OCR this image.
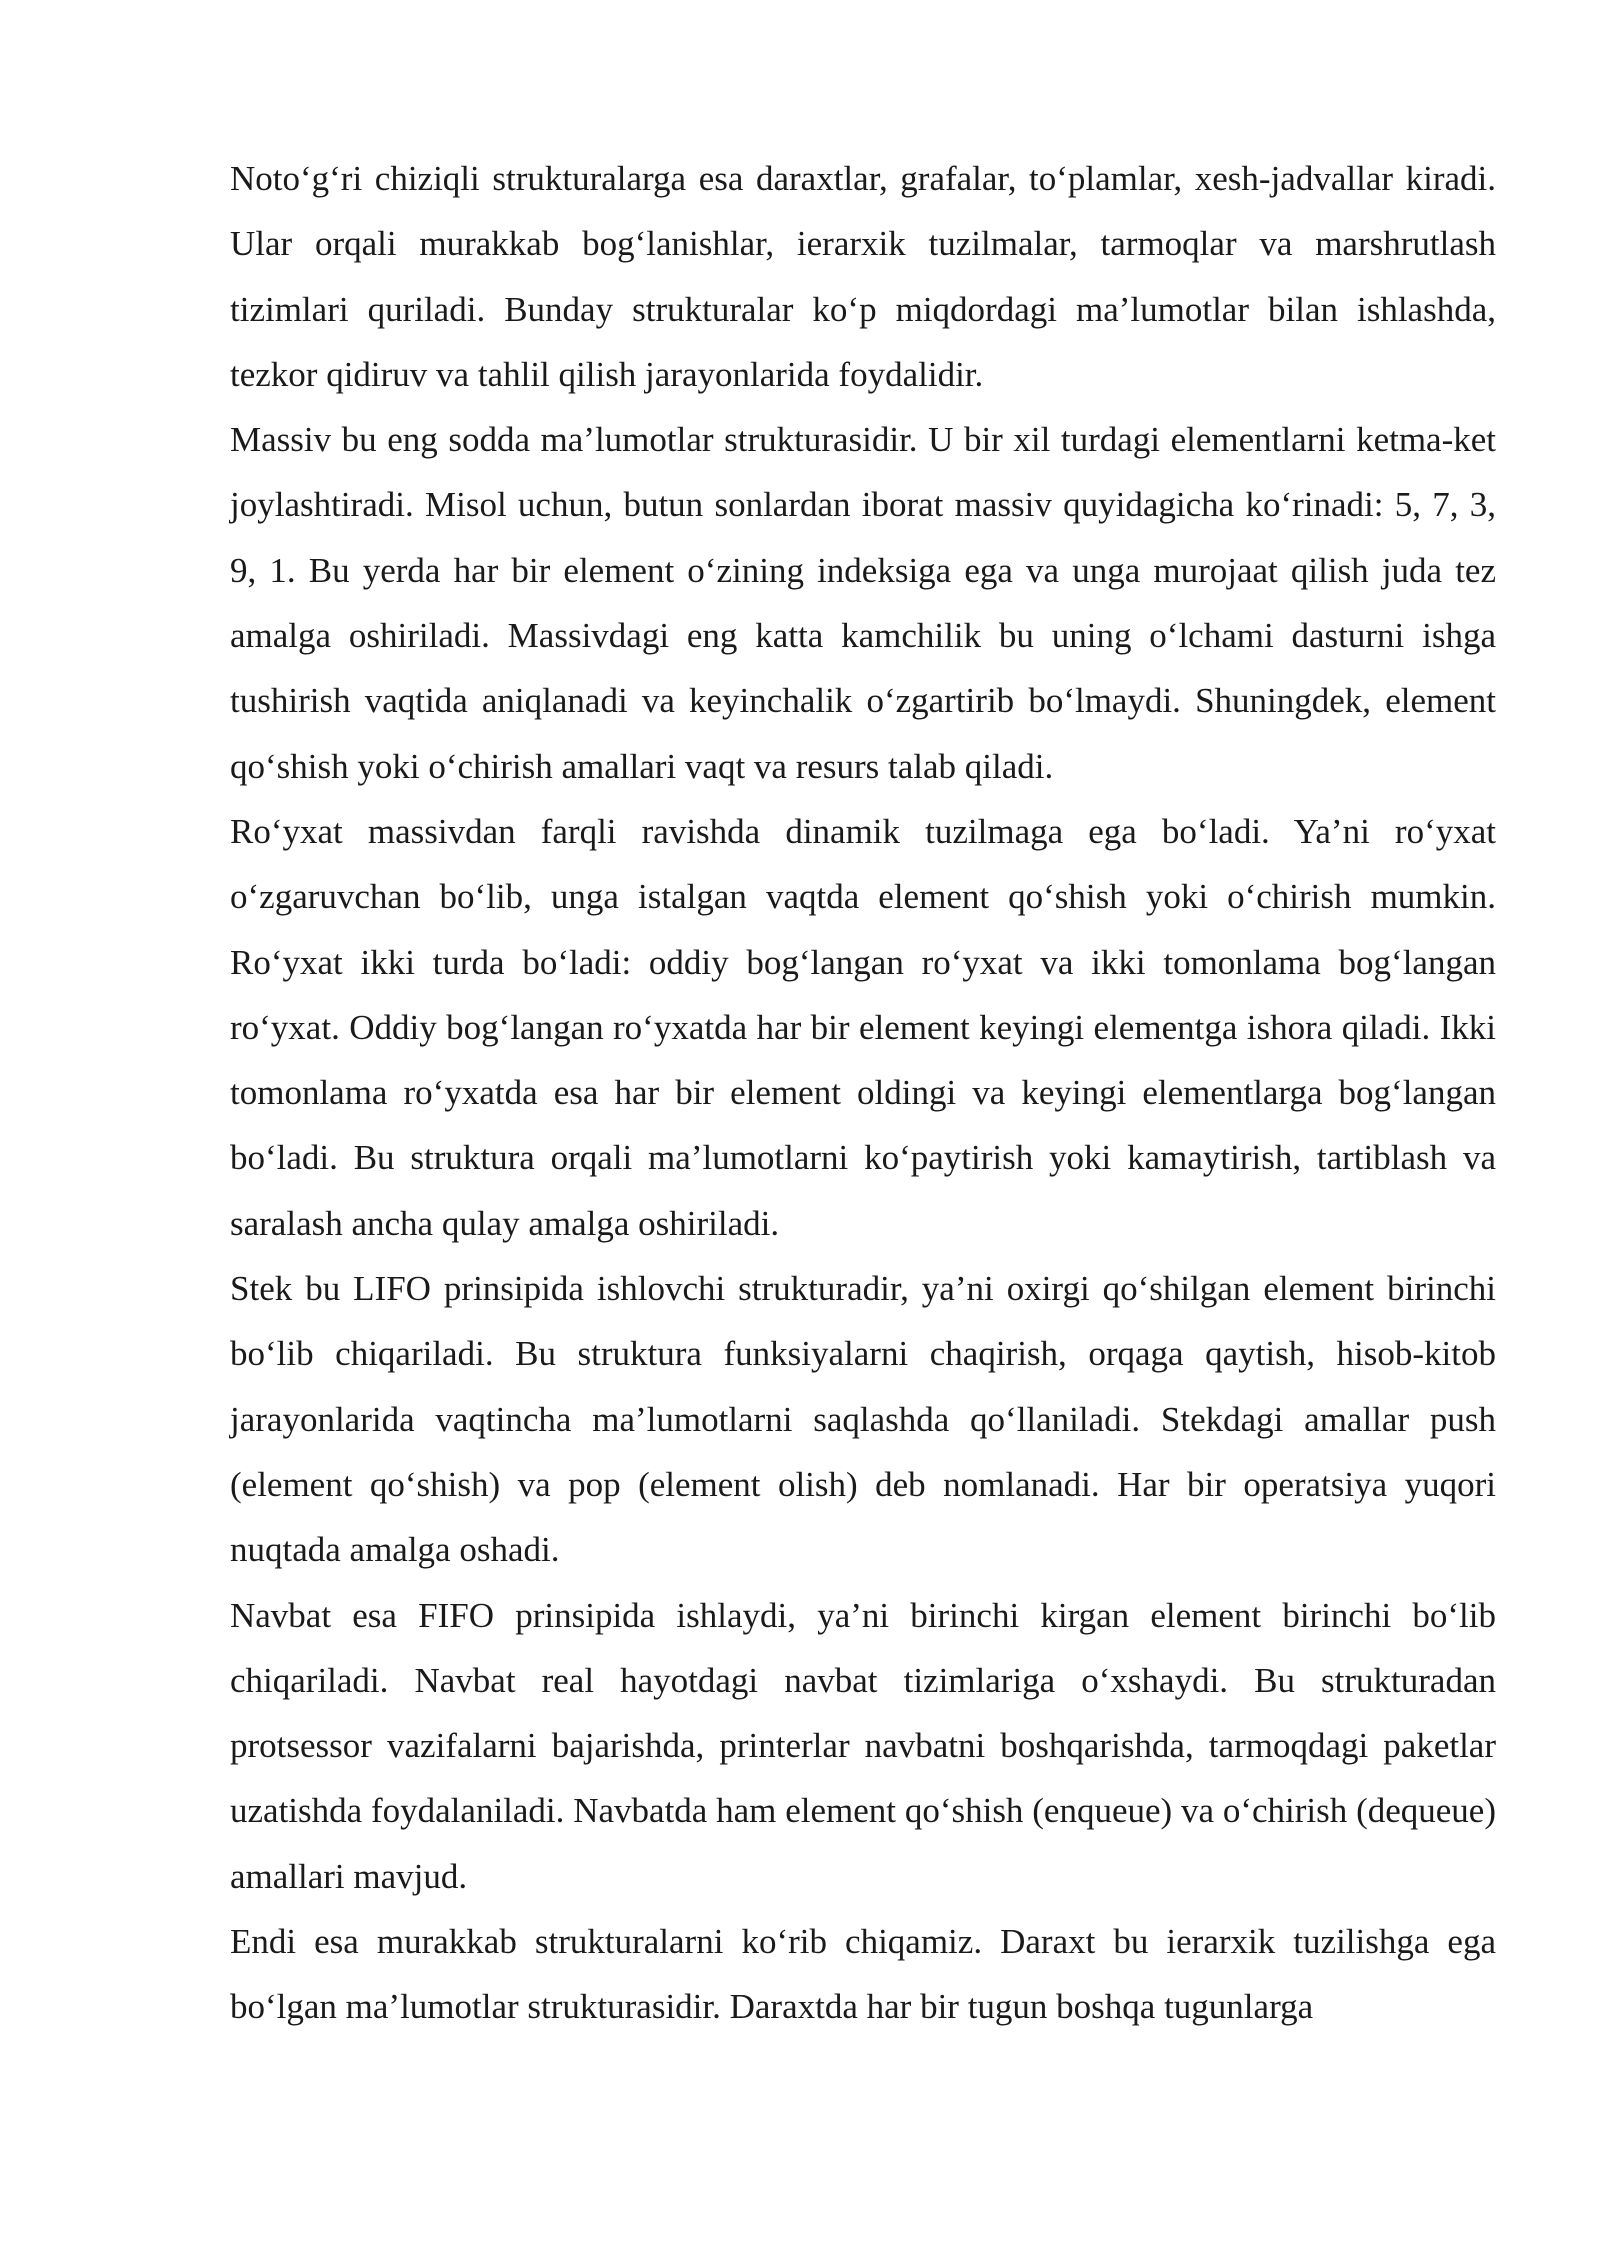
Noto‘g‘ri chiziqli strukturalarga esa daraxtlar, grafalar, to‘plamlar, xesh-jadvallar kiradi. Ular orqali murakkab bog‘lanishlar, ierarxik tuzilmalar, tarmoqlar va marshrutlash tizimlari quriladi. Bunday strukturalar ko‘p miqdordagi ma’lumotlar bilan ishlashda, tezkor qidiruv va tahlil qilish jarayonlarida foydalidir.

Massiv bu eng sodda ma’lumotlar strukturasidir. U bir xil turdagi elementlarni ketma-ket joylashtiradi. Misol uchun, butun sonlardan iborat massiv quyidagicha ko‘rinadi: 5, 7, 3, 9, 1. Bu yerda har bir element o‘zining indeksiga ega va unga murojaat qilish juda tez amalga oshiriladi. Massivdagi eng katta kamchilik bu uning o‘lchami dasturni ishga tushirish vaqtida aniqlanadi va keyinchalik o‘zgartirib bo‘lmaydi. Shuningdek, element qo‘shish yoki o‘chirish amallari vaqt va resurs talab qiladi.

Ro‘yxat massivdan farqli ravishda dinamik tuzilmaga ega bo‘ladi. Ya’ni ro‘yxat o‘zgaruvchan bo‘lib, unga istalgan vaqtda element qo‘shish yoki o‘chirish mumkin. Ro‘yxat ikki turda bo‘ladi: oddiy bog‘langan ro‘yxat va ikki tomonlama bog‘langan ro‘yxat. Oddiy bog‘langan ro‘yxatda har bir element keyingi elementga ishora qiladi. Ikki tomonlama ro‘yxatda esa har bir element oldingi va keyingi elementlarga bog‘langan bo‘ladi. Bu struktura orqali ma’lumotlarni ko‘paytirish yoki kamaytirish, tartiblash va saralash ancha qulay amalga oshiriladi.

Stek bu LIFO prinsipida ishlovchi strukturadir, ya’ni oxirgi qo‘shilgan element birinchi bo‘lib chiqariladi. Bu struktura funksiyalarni chaqirish, orqaga qaytish, hisob-kitob jarayonlarida vaqtincha ma’lumotlarni saqlashda qo‘llaniladi. Stekdagi amallar push (element qo‘shish) va pop (element olish) deb nomlanadi. Har bir operatsiya yuqori nuqtada amalga oshadi.

Navbat esa FIFO prinsipida ishlaydi, ya’ni birinchi kirgan element birinchi bo‘lib chiqariladi. Navbat real hayotdagi navbat tizimlariga o‘xshaydi. Bu strukturadan protsessor vazifalarni bajarishda, printerlar navbatni boshqarishda, tarmoqdagi paketlar uzatishda foydalaniladi. Navbatda ham element qo‘shish (enqueue) va o‘chirish (dequeue) amallari mavjud.

Endi esa murakkab strukturalarni ko‘rib chiqamiz. Daraxt bu ierarxik tuzilishga ega bo‘lgan ma’lumotlar strukturasidir. Daraxtda har bir tugun boshqa tugunlarga
